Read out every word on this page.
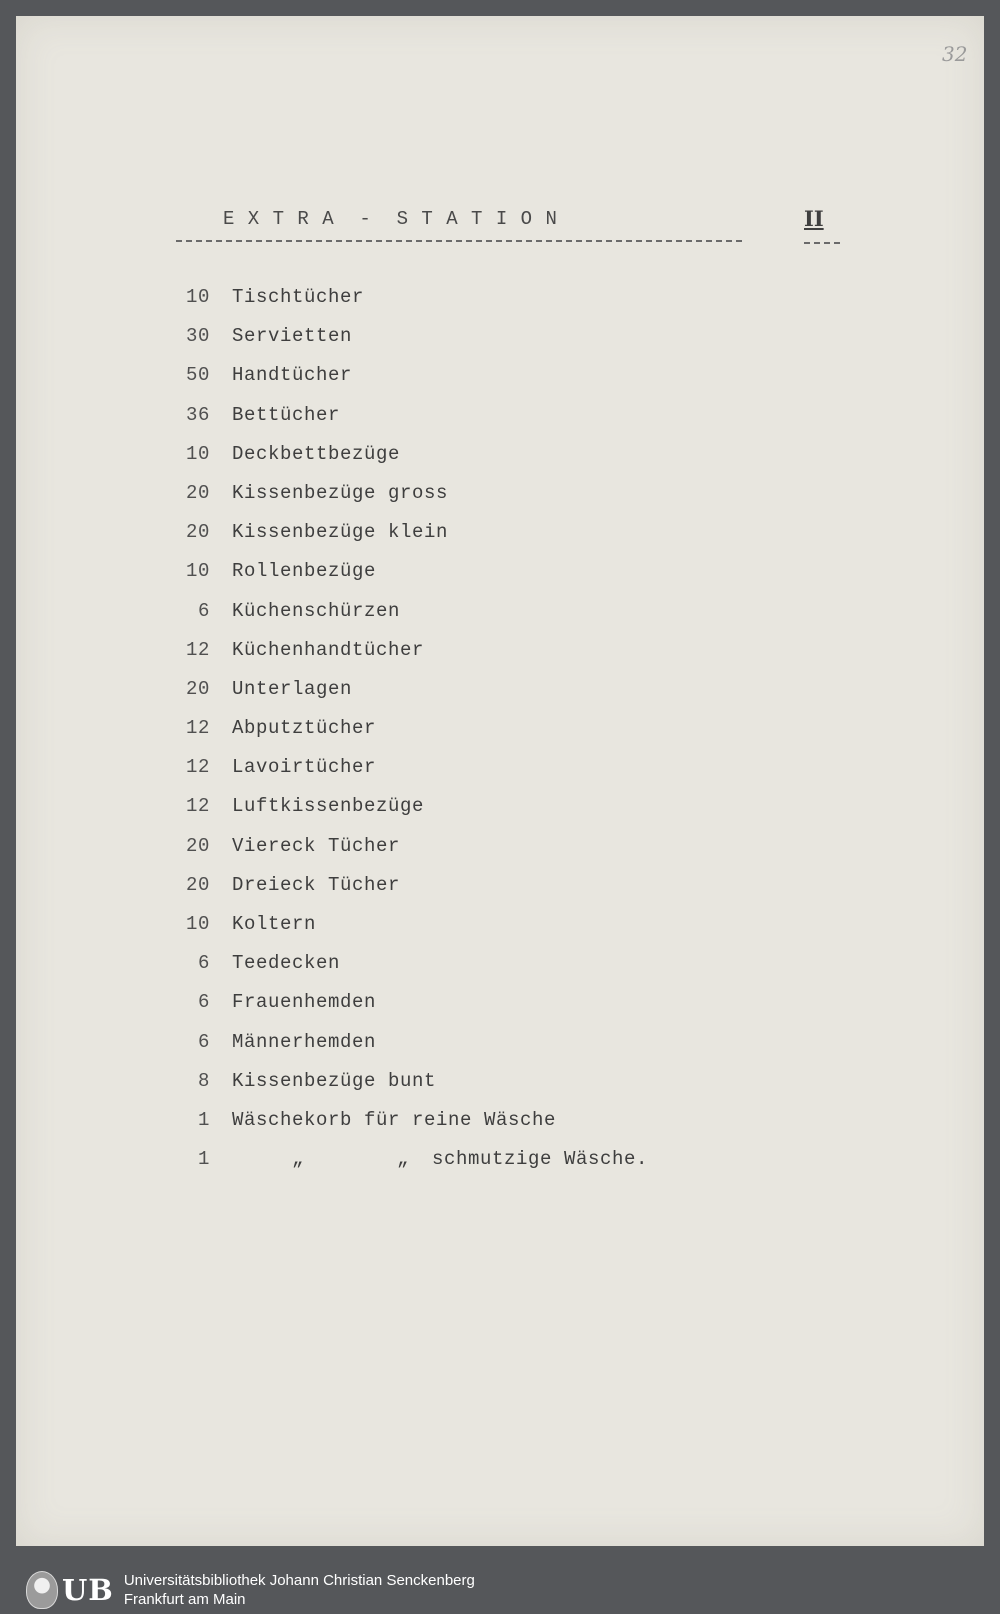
32
E X T R A  -  S T A T I O N	II
10 Tischtücher
30 Servietten
50 Handtücher
36 Bettücher
10 Deckbettbezüge
20 Kissenbezüge gross
20 Kissenbezüge klein
10 Rollenbezüge
6 Küchenschürzen
12 Küchenhandtücher
20 Unterlagen
12 Abputztücher
12 Lavoirtücher
12 Luftkissenbezüge
20 Viereck Tücher
20 Dreieck Tücher
10 Koltern
6 Teedecken
6 Frauenhemden
6 Männerhemden
8 Kissenbezüge bunt
1 Wäschekorb für reine Wäsche
1	„	„	schmutzige Wäsche.
UB Universitätsbibliothek Johann Christian Senckenberg
Frankfurt am Main
